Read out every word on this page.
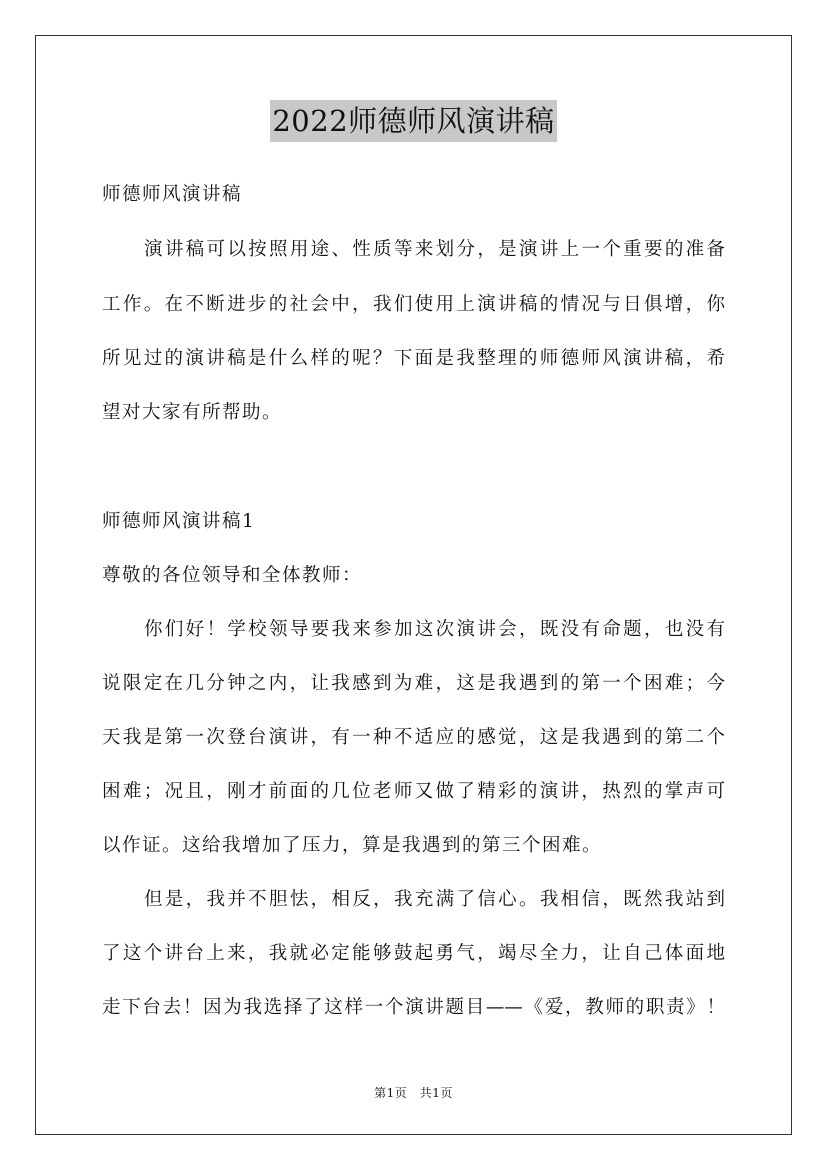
2022师德师风演讲稿
师德师风演讲稿
演讲稿可以按照用途、性质等来划分，是演讲上一个重要的准备
工作。在不断进步的社会中，我们使用上演讲稿的情况与日俱增，你
所见过的演讲稿是什么样的呢？下面是我整理的师德师风演讲稿，希
望对大家有所帮助。
师德师风演讲稿1
尊敬的各位领导和全体教师：
你们好！学校领导要我来参加这次演讲会，既没有命题，也没有
说限定在几分钟之内，让我感到为难，这是我遇到的第一个困难；今
天我是第一次登台演讲，有一种不适应的感觉，这是我遇到的第二个
困难；况且，刚才前面的几位老师又做了精彩的演讲，热烈的掌声可
以作证。这给我增加了压力，算是我遇到的第三个困难。
但是，我并不胆怯，相反，我充满了信心。我相信，既然我站到
了这个讲台上来，我就必定能够鼓起勇气，竭尽全力，让自己体面地
走下台去！因为我选择了这样一个演讲题目——《爱，教师的职责》！
第1页　共1页
